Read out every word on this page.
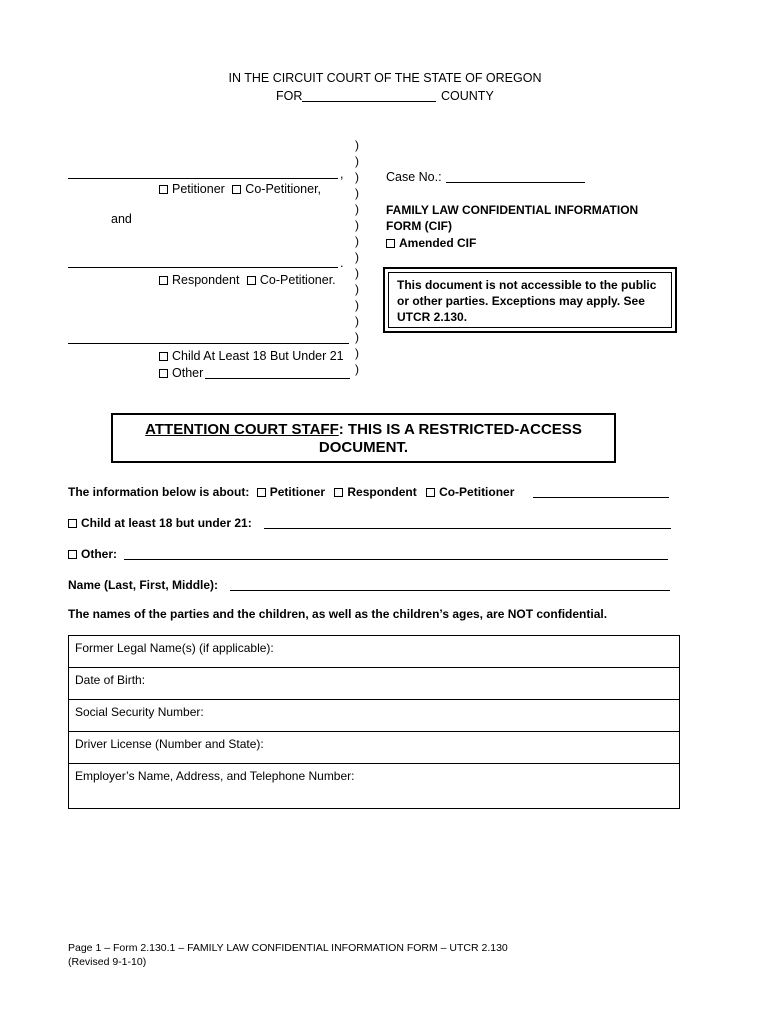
IN THE CIRCUIT COURT OF THE STATE OF OREGON
FOR	COUNTY
,
Petitioner Co-Petitioner,
and
.
Respondent Co-Petitioner.
Child At Least 18 But Under 21
Other
)
)
)
)
)
)
)
)
)
)
)
)
)
)
)
Case No.:
FAMILY LAW CONFIDENTIAL INFORMATION
FORM (CIF)
Amended CIF
This document is not accessible to the public
or other parties. Exceptions may apply. See
UTCR 2.130.
ATTENTION COURT STAFF: THIS IS A RESTRICTED-ACCESS
DOCUMENT.
The information below is about: Petitioner Respondent Co-Petitioner
Child at least 18 but under 21:
Other:
Name (Last, First, Middle):
The names of the parties and the children, as well as the children’s ages, are NOT confidential.
Former Legal Name(s) (if applicable):
Date of Birth:
Social Security Number:
Driver License (Number and State):
Employer’s Name, Address, and Telephone Number:
Page 1 – Form 2.130.1 – FAMILY LAW CONFIDENTIAL INFORMATION FORM – UTCR 2.130
(Revised 9-1-10)
